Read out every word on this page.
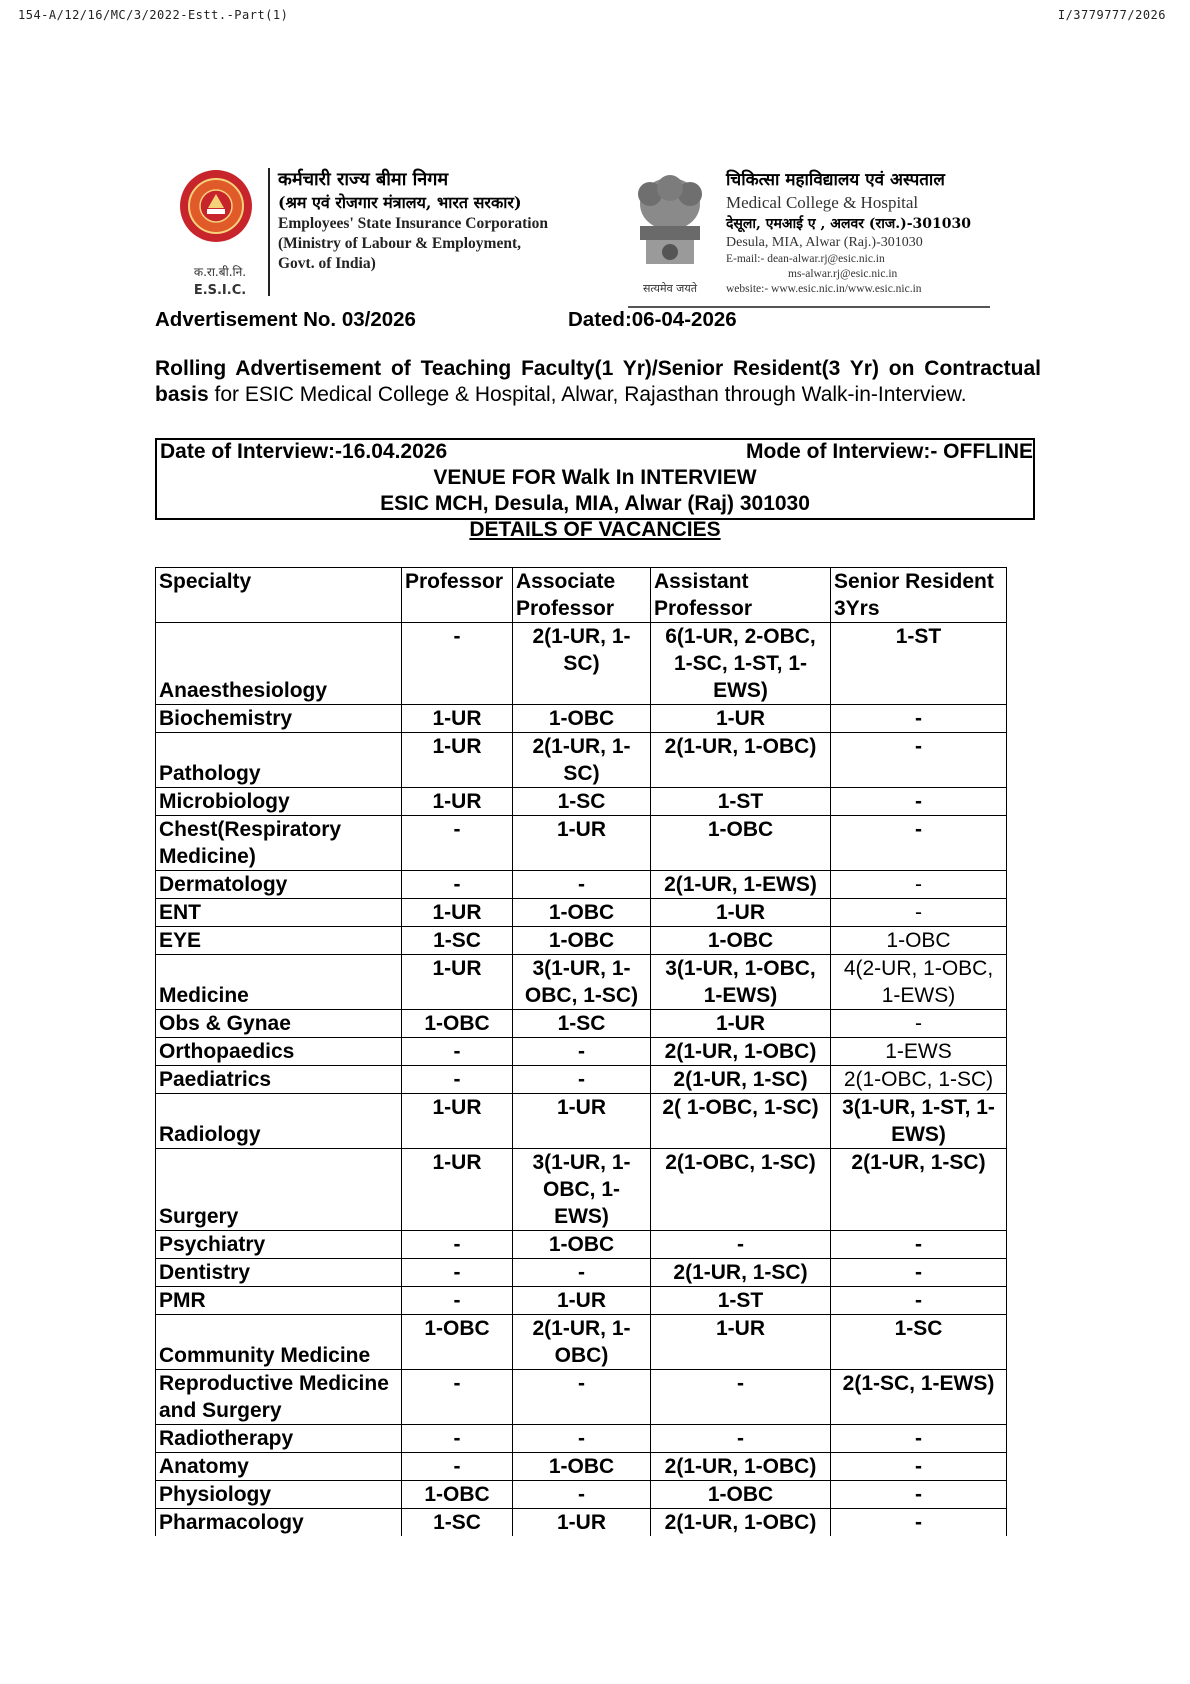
154-A/12/16/MC/3/2022-Estt.-Part(1)	I/3779777/2026
क.रा.बी.नि.
E.S.I.C.
कर्मचारी राज्य बीमा निगम
(श्रम एवं रोजगार मंत्रालय, भारत सरकार)
Employees' State Insurance Corporation
(Ministry of Labour & Employment,
Govt. of India)
सत्यमेव जयते
चिकित्सा महाविद्यालय एवं अस्पताल
Medical College & Hospital
देसूला, एमआई ए , अलवर (राज.)-301030
Desula, MIA, Alwar (Raj.)-301030
E-mail:- dean-alwar.rj@esic.nic.in
ms-alwar.rj@esic.nic.in
website:- www.esic.nic.in/www.esic.nic.in
Advertisement No. 03/2026	Dated:06-04-2026
Rolling Advertisement of Teaching Faculty(1 Yr)/Senior Resident(3 Yr) on Contractual basis for ESIC Medical College & Hospital, Alwar, Rajasthan through Walk-in-Interview.
Date of Interview:-16.04.2026	Mode of Interview:- OFFLINE
VENUE FOR Walk In INTERVIEW
ESIC MCH, Desula, MIA, Alwar (Raj) 301030
DETAILS OF VACANCIES
Specialty	Professor	Associate Professor	Assistant Professor	Senior Resident 3Yrs
Anaesthesiology	-	2(1-UR, 1-SC)	6(1-UR, 2-OBC, 1-SC, 1-ST, 1-EWS)	1-ST
Biochemistry	1-UR	1-OBC	1-UR	-
Pathology	1-UR	2(1-UR, 1-SC)	2(1-UR, 1-OBC)	-
Microbiology	1-UR	1-SC	1-ST	-
Chest(Respiratory Medicine)	-	1-UR	1-OBC	-
Dermatology	-	-	2(1-UR, 1-EWS)	-
ENT	1-UR	1-OBC	1-UR	-
EYE	1-SC	1-OBC	1-OBC	1-OBC
Medicine	1-UR	3(1-UR, 1-OBC, 1-SC)	3(1-UR, 1-OBC, 1-EWS)	4(2-UR, 1-OBC, 1-EWS)
Obs & Gynae	1-OBC	1-SC	1-UR	-
Orthopaedics	-	-	2(1-UR, 1-OBC)	1-EWS
Paediatrics	-	-	2(1-UR, 1-SC)	2(1-OBC, 1-SC)
Radiology	1-UR	1-UR	2( 1-OBC, 1-SC)	3(1-UR, 1-ST, 1-EWS)
Surgery	1-UR	3(1-UR, 1-OBC, 1-EWS)	2(1-OBC, 1-SC)	2(1-UR, 1-SC)
Psychiatry	-	1-OBC	-	-
Dentistry	-	-	2(1-UR, 1-SC)	-
PMR	-	1-UR	1-ST	-
Community Medicine	1-OBC	2(1-UR, 1-OBC)	1-UR	1-SC
Reproductive Medicine and Surgery	-	-	-	2(1-SC, 1-EWS)
Radiotherapy	-	-	-	-
Anatomy	-	1-OBC	2(1-UR, 1-OBC)	-
Physiology	1-OBC	-	1-OBC	-
Pharmacology	1-SC	1-UR	2(1-UR, 1-OBC)	-
